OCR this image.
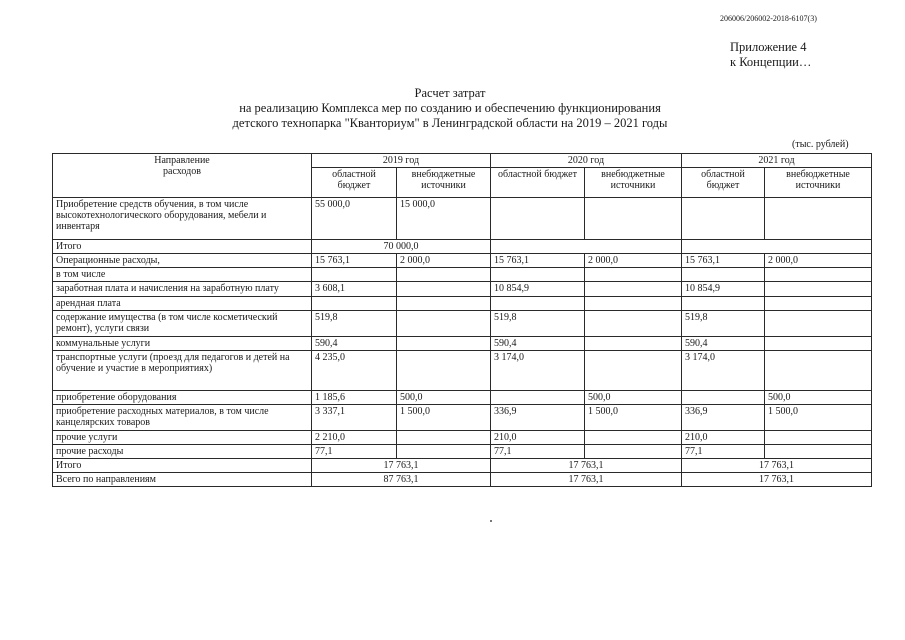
206006/206002-2018-6107(3)
Приложение 4
к Концепции…
Расчет затрат
на реализацию Комплекса мер по созданию и обеспечению функционирования
детского технопарка "Кванториум" в Ленинградской области на 2019 – 2021 годы
(тыс. рублей)
Направление
расходов	2019 год		2020 год		2021 год	
	областной бюджет	внебюджетные источники	областной бюджет	внебюджетные источники	областной бюджет	внебюджетные источники
Приобретение средств обучения, в том числе высокотехнологического оборудования, мебели и инвентаря	55 000,0	15 000,0				
Итого	70 000,0					
Операционные расходы,	15 763,1	2 000,0	15 763,1	2 000,0	15 763,1	2 000,0
в том числе						
заработная плата и начисления на заработную плату	3 608,1		10 854,9		10 854,9	
арендная плата						
содержание имущества (в том числе косметический ремонт), услуги связи	519,8		519,8		519,8	
коммунальные услуги	590,4		590,4		590,4	
транспортные услуги (проезд для педагогов и детей на обучение и участие в мероприятиях)	4 235,0		3 174,0		3 174,0	
приобретение оборудования	1 185,6	500,0		500,0		500,0
приобретение расходных материалов, в том числе канцелярских товаров	3 337,1	1 500,0	336,9	1 500,0	336,9	1 500,0
прочие услуги	2 210,0		210,0		210,0	
прочие расходы	77,1		77,1		77,1	
Итого	17 763,1		17 763,1		17 763,1	
Всего по направлениям	87 763,1		17 763,1		17 763,1	
